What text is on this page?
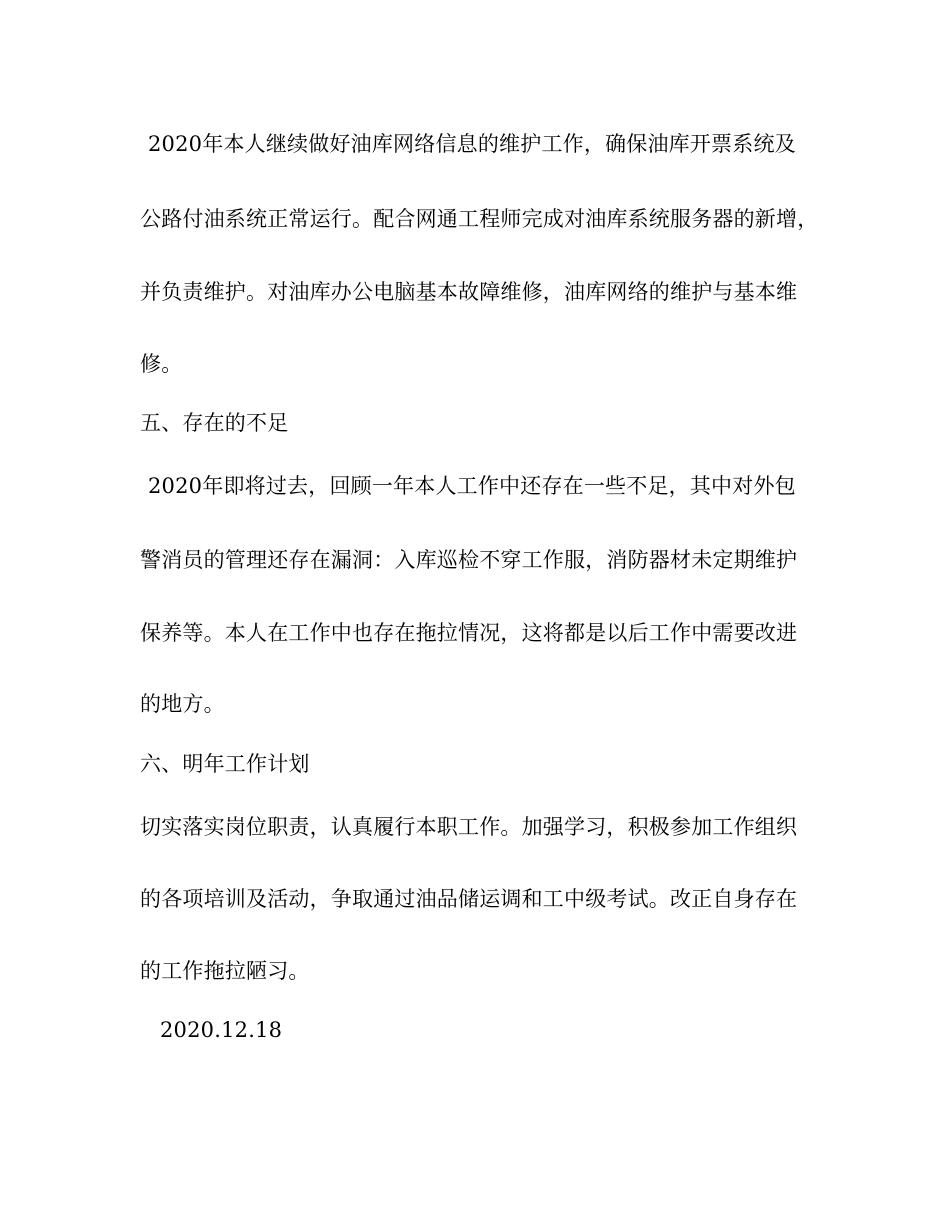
2020年本人继续做好油库网络信息的维护工作，确保油库开票系统及
公路付油系统正常运行。配合网通工程师完成对油库系统服务器的新增，
并负责维护。对油库办公电脑基本故障维修，油库网络的维护与基本维
修。
五、存在的不足
2020年即将过去，回顾一年本人工作中还存在一些不足，其中对外包
警消员的管理还存在漏洞：入库巡检不穿工作服，消防器材未定期维护
保养等。本人在工作中也存在拖拉情况，这将都是以后工作中需要改进
的地方。
六、明年工作计划
切实落实岗位职责，认真履行本职工作。加强学习，积极参加工作组织
的各项培训及活动，争取通过油品储运调和工中级考试。改正自身存在
的工作拖拉陋习。
2020.12.18
